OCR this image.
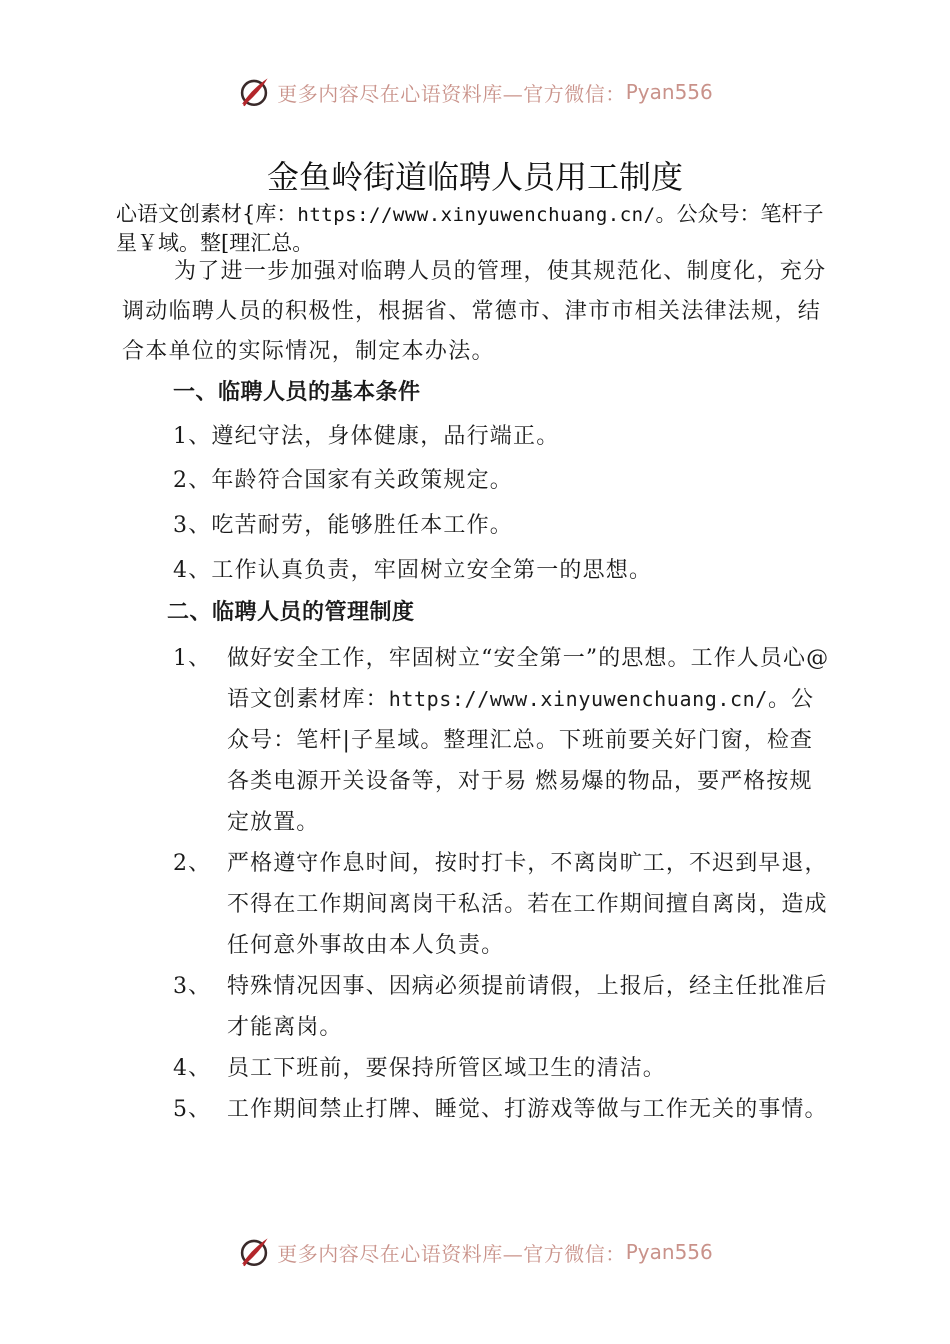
更多内容尽在心语资料库—官方微信： Pyan556
金鱼岭街道临聘人员用工制度
心语文创素材{库：https://www.xinyuwenchuang.cn/。公众号：笔杆子星￥域。整[理汇总。
为了进一步加强对临聘人员的管理，使其规范化、制度化，充分调动临聘人员的积极性，根据省、常德市、津市市相关法律法规，结合本单位的实际情况，制定本办法。
一、临聘人员的基本条件
1、遵纪守法，身体健康，品行端正。
2、年龄符合国家有关政策规定。
3、吃苦耐劳，能够胜任本工作。
4、工作认真负责，牢固树立安全第一的思想。
二、临聘人员的管理制度
1、 做好安全工作，牢固树立“安全第一”的思想。工作人员心@语文创素材库：https://www.xinyuwenchuang.cn/。公众号：笔杆|子星域。整理汇总。下班前要关好门窗，检查各类电源开关设备等，对于易 燃易爆的物品，要严格按规定放置。
2、 严格遵守作息时间，按时打卡，不离岗旷工，不迟到早退，不得在工作期间离岗干私活。若在工作期间擅自离岗，造成任何意外事故由本人负责。
3、 特殊情况因事、因病必须提前请假，上报后，经主任批准后才能离岗。
4、 员工下班前，要保持所管区域卫生的清洁。
5、 工作期间禁止打牌、睡觉、打游戏等做与工作无关的事情。
更多内容尽在心语资料库—官方微信： Pyan556
